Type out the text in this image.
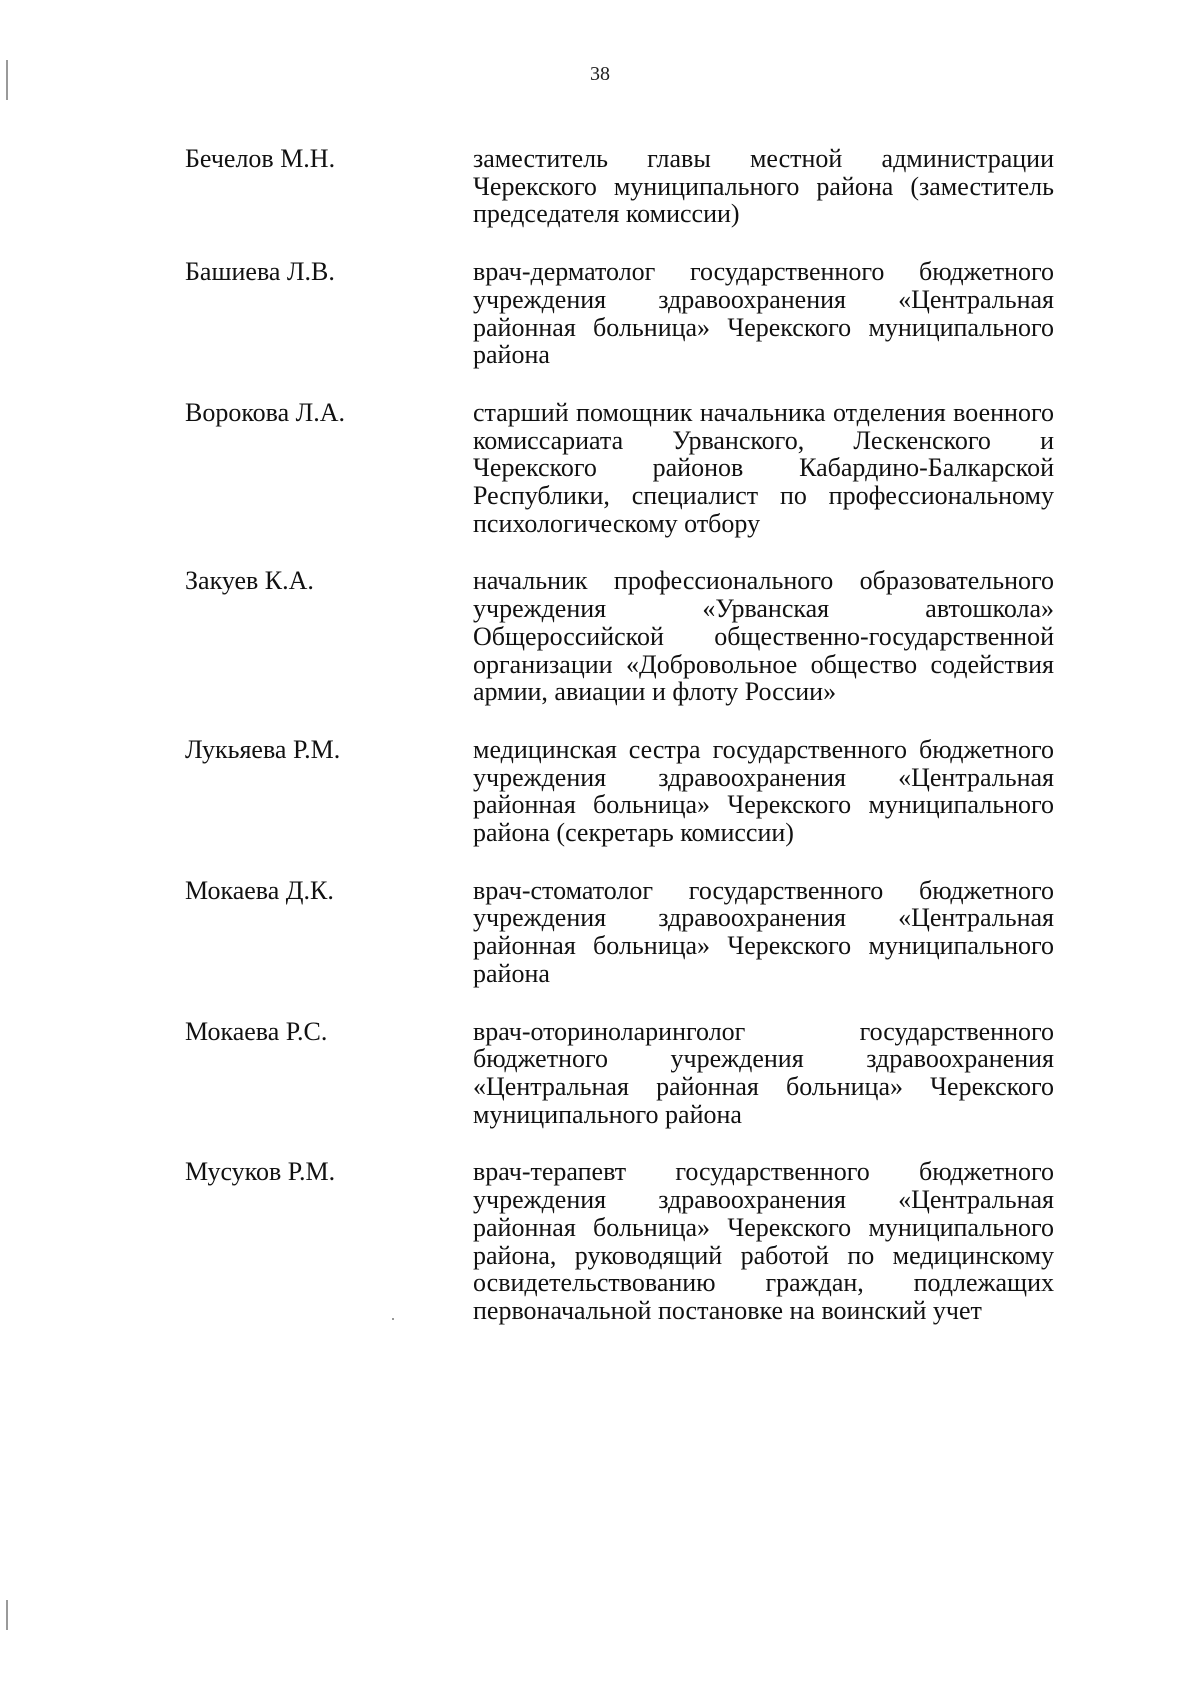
38
Бечелов М.Н.	заместитель главы местной администрации Черекского муниципального района (заместитель председателя комиссии)
Башиева Л.В.	врач-дерматолог государственного бюджетного учреждения здравоохранения «Центральная районная больница» Черекского муниципального района
Ворокова Л.А.	старший помощник начальника отделения военного комиссариата Урванского, Лескенского и Черекского районов Кабардино-Балкарской Республики, специалист по профессиональному психологическому отбору
Закуев К.А.	начальник профессионального образовательного учреждения «Урванская автошкола» Общероссийской общественно-государственной организации «Добровольное общество содействия армии, авиации и флоту России»
Лукьяева Р.М.	медицинская сестра государственного бюджетного учреждения здравоохранения «Центральная районная больница» Черекского муниципального района (секретарь комиссии)
Мокаева Д.К.	врач-стоматолог государственного бюджетного учреждения здравоохранения «Центральная районная больница» Черекского муниципального района
Мокаева Р.С.	врач-оториноларинголог государственного бюджетного учреждения здравоохранения «Центральная районная больница» Черекского муниципального района
Мусуков Р.М.	врач-терапевт государственного бюджетного учреждения здравоохранения «Центральная районная больница» Черекского муниципального района, руководящий работой по медицинскому освидетельствованию граждан, подлежащих первоначальной постановке на воинский учет
